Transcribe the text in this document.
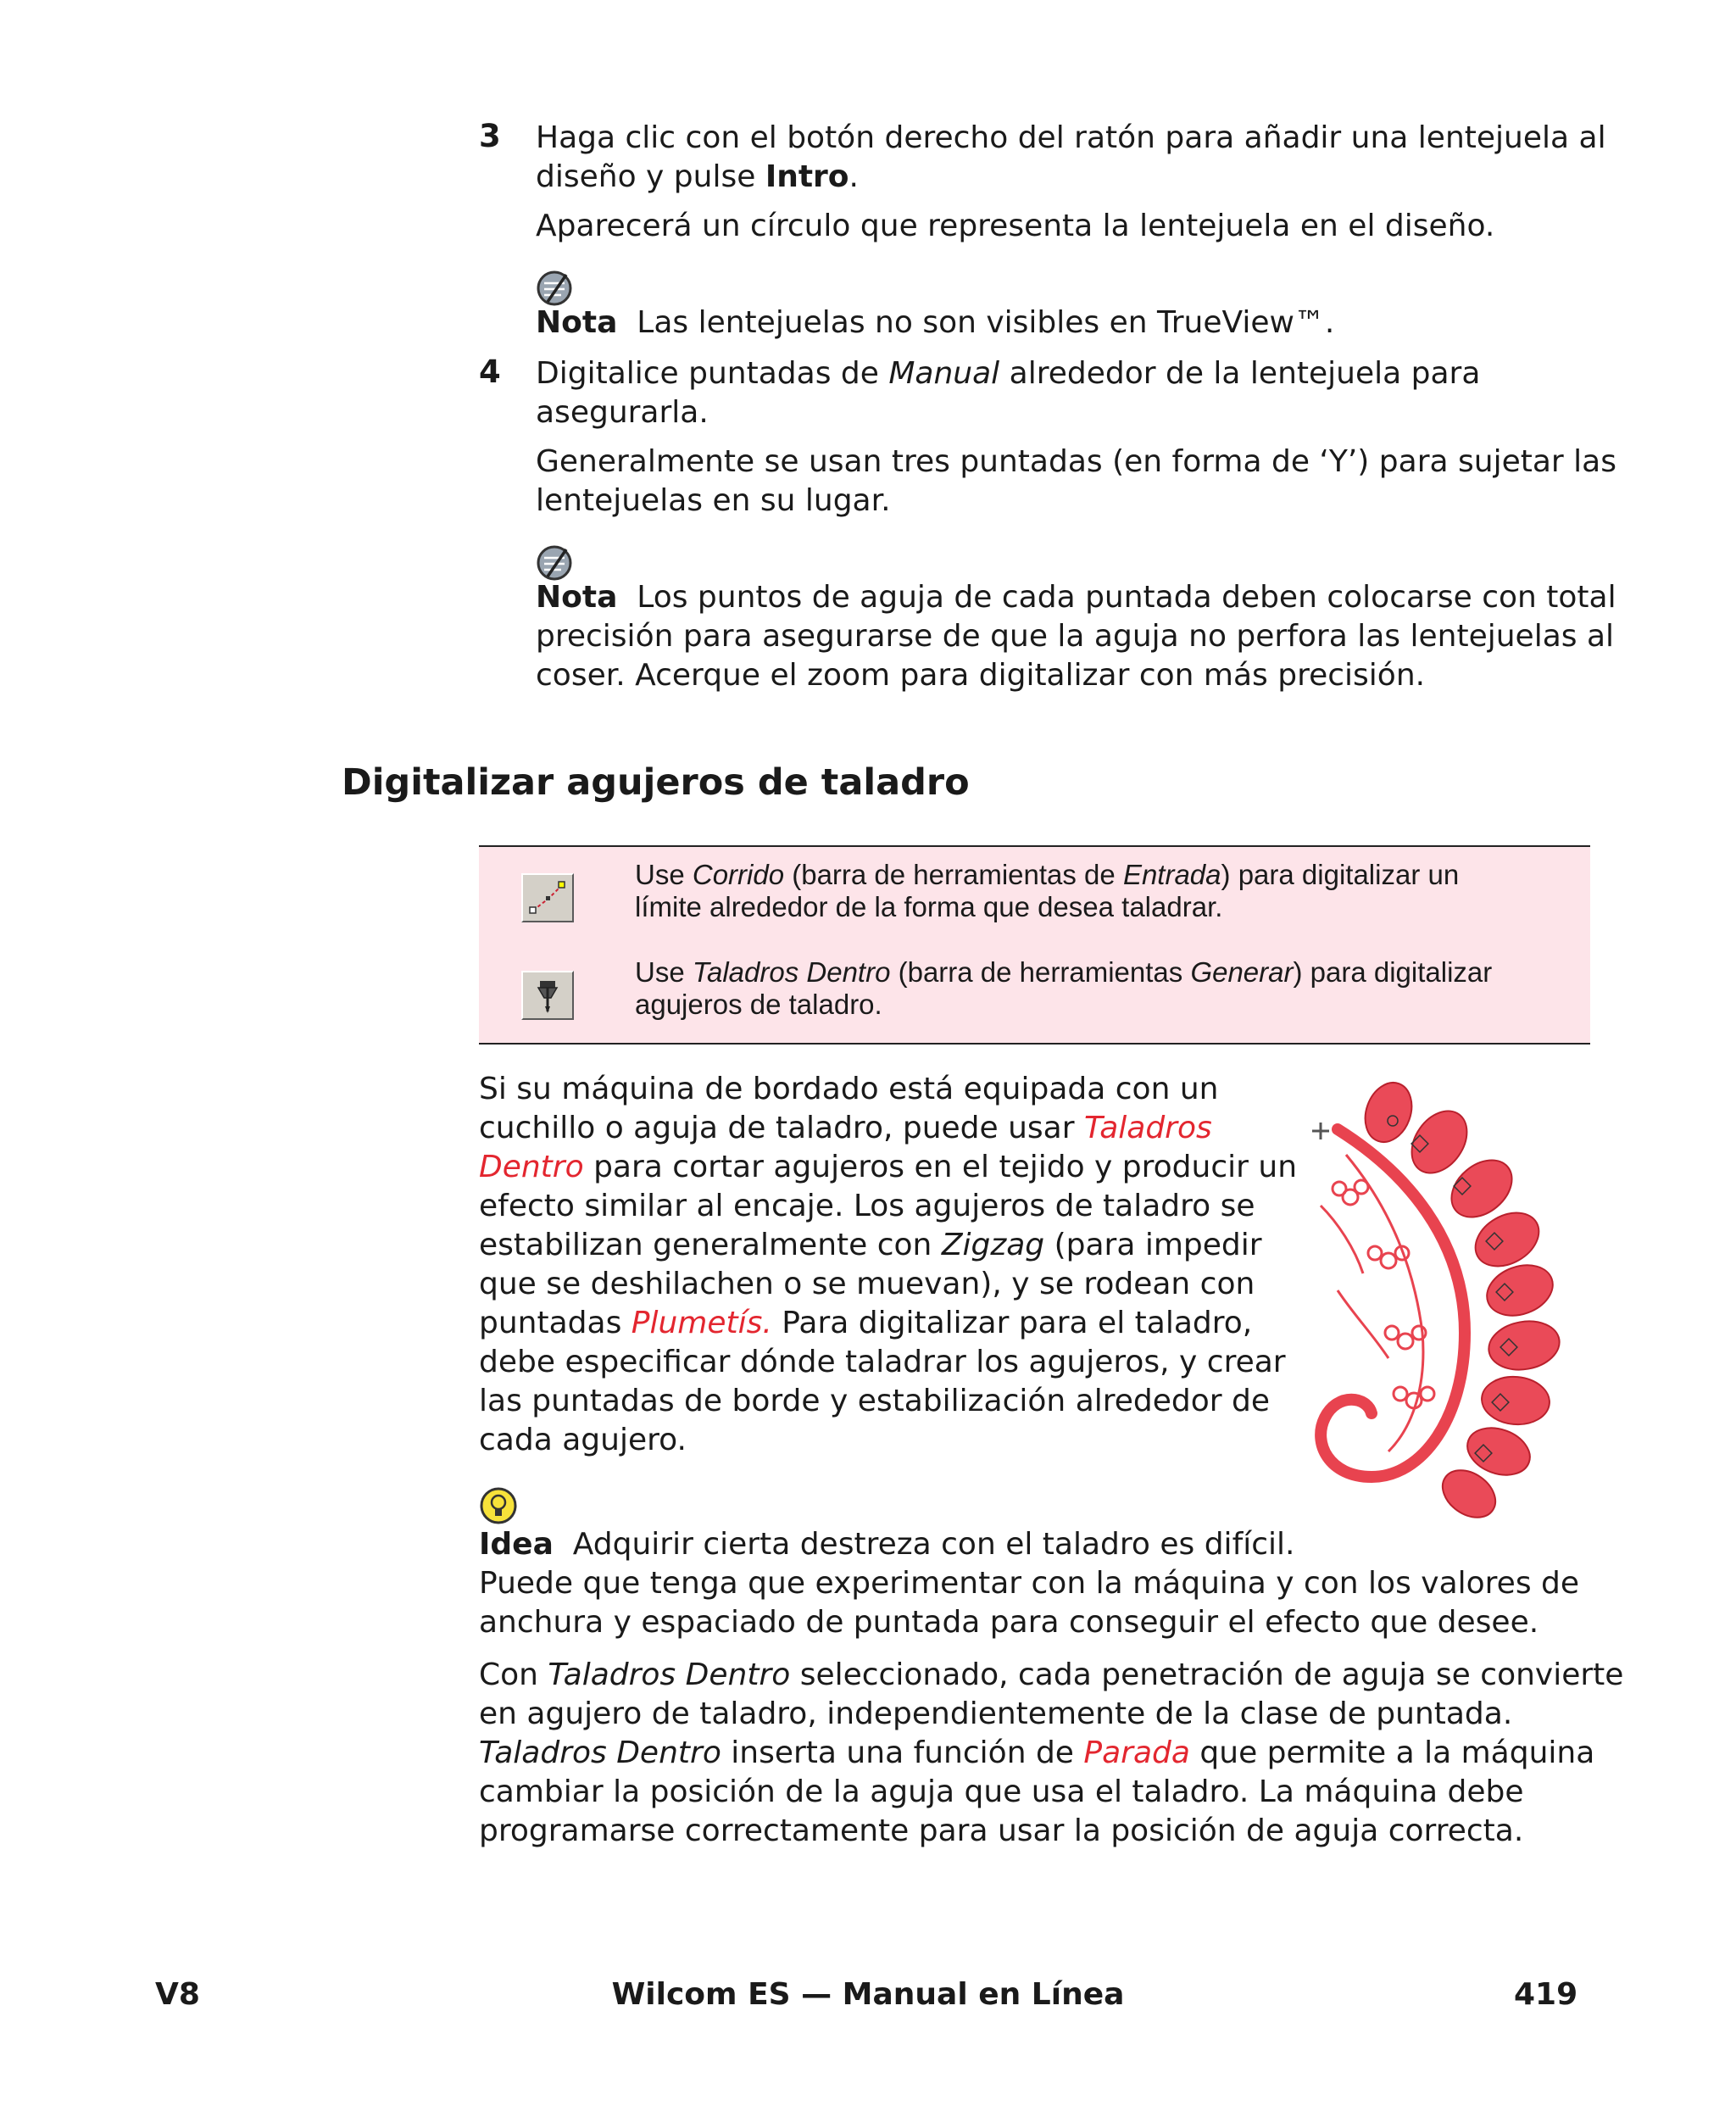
3 Haga clic con el botón derecho del ratón para añadir una lentejuela al
diseño y pulse Intro.

Aparecerá un círculo que representa la lentejuela en el diseño.

Nota Las lentejuelas no son visibles en TrueView™.

4 Digitalice puntadas de Manual alrededor de la lentejuela para
asegurarla.

Generalmente se usan tres puntadas (en forma de ‘Y’) para sujetar las
lentejuelas en su lugar.

Nota Los puntos de aguja de cada puntada deben colocarse con total
precisión para asegurarse de que la aguja no perfora las lentejuelas al
coser. Acerque el zoom para digitalizar con más precisión.

Digitalizar agujeros de taladro
Use Corrido (barra de herramientas de Entrada) para digitalizar un
límite alrededor de la forma que desea taladrar.
Use Taladros Dentro (barra de herramientas Generar) para digitalizar
agujeros de taladro.

Si su máquina de bordado está equipada con un
cuchillo o aguja de taladro, puede usar Taladros
Dentro para cortar agujeros en el tejido y producir un
efecto similar al encaje. Los agujeros de taladro se
estabilizan generalmente con Zigzag (para impedir
que se deshilachen o se muevan), y se rodean con
puntadas Plumetís. Para digitalizar para el taladro,
debe especificar dónde taladrar los agujeros, y crear
las puntadas de borde y estabilización alrededor de
cada agujero.

Idea Adquirir cierta destreza con el taladro es difícil.
Puede que tenga que experimentar con la máquina y con los valores de
anchura y espaciado de puntada para conseguir el efecto que desee.

Con Taladros Dentro seleccionado, cada penetración de aguja se convierte
en agujero de taladro, independientemente de la clase de puntada.
Taladros Dentro inserta una función de Parada que permite a la máquina
cambiar la posición de la aguja que usa el taladro. La máquina debe
programarse correctamente para usar la posición de aguja correcta.

V8	Wilcom ES — Manual en Línea	419
